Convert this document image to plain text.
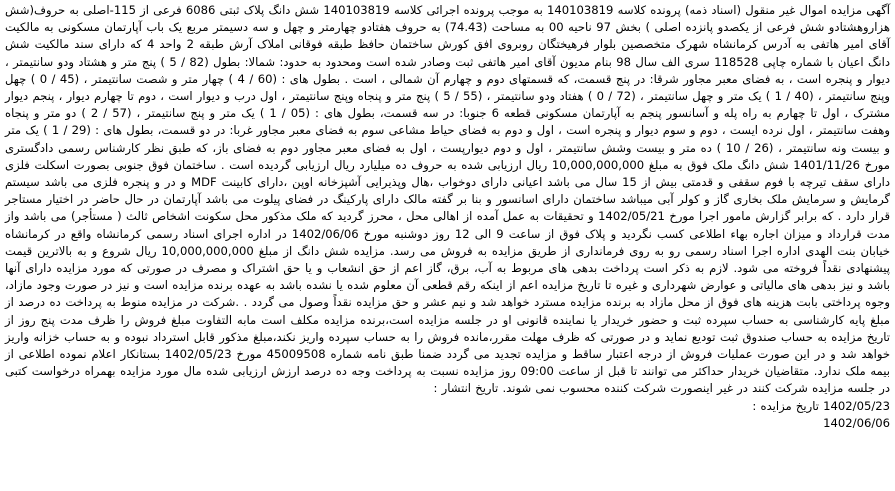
آگهی مزایده اموال غیر منقول (اسناد ذمه) پرونده کلاسه 140103819 به موجب پرونده اجرائی کلاسه 140103819 شش دانگ پلاک ثبتی 6086 فرعی از 115-اصلی به حروف(شش هزاروهشتادو شش فرعی از یکصدو پانزده اصلی ) بخش 97 ناحیه 00 به مساحت (74.43) به حروف هفتادو چهارمتر و چهل و سه دسیمتر مربع یک باب آپارتمان مسکونی به مالکیت آقای امیر هاتفی به آدرس کرمانشاه شهرک متخصصین بلوار فرهیختگان روبروی افق کورش ساختمان حافظ طبقه فوقانی املاک آرش طبقه 2 واحد 4 که دارای سند مالکیت شش دانگ اعیان با شماره چاپی 118528 سری الف سال 98 بنام مدیون آقای امیر هاتفی ثبت وصادر شده است ومحدود به حدود: شمالا: بطول (82 / 5 ) پنج متر و هشتاد ودو سانتیمتر ، دیوار و پنجره است ، به فضای معبر مجاور شرقا: در پنج قسمت، که قسمتهای دوم و چهارم آن شمالی ، است . بطول های : (60 / 4 ) چهار متر و شصت سانتیمتر ، (45 / 0 ) چهل وپنج سانتیمتر ، (40 / 1 ) یک متر و چهل سانتیمتر ، (72 / 0 ) هفتاد ودو سانتیمتر ، (55 / 5 ) پنج متر و پنجاه وپنج سانتیمتر ، اول درب و دیوار است ، دوم تا چهارم دیوار ، پنجم دیوار مشترک ، اول تا چهارم به راه پله و آسانسور پنجم به آپارتمان مسکونی قطعه 6 جنوبا: در سه قسمت، بطول های : (05 / 1 ) یک متر و پنج سانتیمتر ، (57 / 2 ) دو متر و پنجاه وهفت سانتیمتر ، اول نرده ایست ، دوم و سوم دیوار و پنجره است ، اول و دوم به فضای حیاط مشاعی سوم به فضای معبر مجاور غربا: در دو قسمت، بطول های : (29 / 1 ) یک متر و بیست ونه سانتیمتر ، (26 / 10 ) ده متر و بیست وشش سانتیمتر ، اول و دوم دیوارپست ، اول به فضای معبر مجاور دوم به فضای باز، که طبق نظر کارشناس رسمی دادگستری مورخ 1401/11/26 شش دانگ ملک فوق به مبلغ 10,000,000,000 ریال ارزیابی شده به حروف ده میلیارد ریال ارزیابی گردیده است . ساختمان فوق جنوبی بصورت اسکلت فلزی دارای سقف تیرچه با فوم سقفی و قدمتی بیش از 15 سال می باشد اعیانی دارای دوخواب ،هال وپذیرایی آشپزخانه اوپن ،دارای کابینت MDF و در و پنجره فلزی می باشد سیستم گرمایش و سرمایش ملک بخاری گاز و کولر آبی میباشد ساختمان دارای اسانسور و بنا بر گفته مالک دارای پارکینگ در فضای پیلوت می باشد آپارتمان در حال حاضر در اختیار مستاجر قرار دارد . که برابر گزارش مامور اجرا مورخ 1402/05/21 و تحقیقات به عمل آمده از اهالی محل ، محرز گردید که ملک مذکور محل سکونت اشخاص ثالث ( مستأجر) می باشد واز مدت قرارداد و میزان اجاره بهاء اطلاعی کسب نگردید و پلاک فوق از ساعت 9 الی 12 روز دوشنبه مورخ 1402/06/06 در اداره اجرای اسناد رسمی کرمانشاه واقع در کرمانشاه خیابان بنت الهدی اداره اجرا اسناد رسمی رو به روی فرمانداری از طریق مزایده به فروش می رسد. مزایده شش دانگ از مبلغ 10,000,000,000 ریال شروع و به بالاترین قیمت پیشنهادی نقداً فروخته می شود. لازم به ذکر است پرداخت بدهی های مربوط به آب، برق، گاز اعم از حق انشعاب و یا حق اشتراک و مصرف در صورتی که مورد مزایده دارای آنها باشد و نیز بدهی های مالیاتی و عوارض شهرداری و غیره تا تاریخ مزایده اعم از اینکه رقم قطعی آن معلوم شده یا نشده باشد به عهده برنده مزایده است و نیز در صورت وجود مازاد، وجوه پرداختی بابت هزینه های فوق از محل مازاد به برنده مزایده مسترد خواهد شد و نیم عشر و حق مزایده نقداً وصول می گردد . .شرکت در مزایده منوط به پرداخت ده درصد از مبلغ پایه کارشناسی به حساب سپرده ثبت و حضور خریدار یا نماینده قانونی او در جلسه مزایده است،برنده مزایده مکلف است مابه التفاوت مبلغ فروش را ظرف مدت پنج روز از تاریخ مزایده به حساب صندوق ثبت تودیع نماید و در صورتی که ظرف مهلت مقرر،مانده فروش را به حساب سپرده واریز نکند،مبلغ مذکور قابل استرداد نبوده و به حساب خزانه واریز خواهد شد و در این صورت عملیات فروش از درجه اعتبار ساقط و مزایده تجدید می گردد ضمنا طبق نامه شماره 45009508 مورخ 1402/05/23 بستانکار اعلام نموده اطلاعی از بیمه ملک ندارد. متقاضیان خریدار حداکثر می توانند تا قبل از ساعت 09:00 روز مزایده نسبت به پرداخت وجه ده درصد ارزش ارزیابی شده مال مورد مزایده بهمراه درخواست کتبی در جلسه مزایده شرکت کنند در غیر اینصورت شرکت کننده محسوب نمی شوند. تاریخ انتشار :

1402/05/23 تاریخ مزایده :

1402/06/06
